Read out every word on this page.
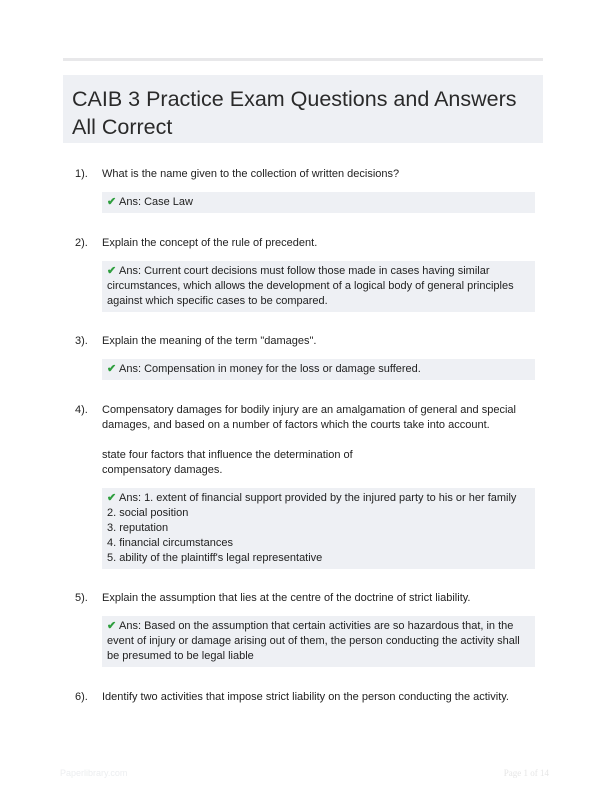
CAIB 3 Practice Exam Questions and Answers All Correct
1). What is the name given to the collection of written decisions?
✔ Ans: Case Law
2). Explain the concept of the rule of precedent.
✔ Ans: Current court decisions must follow those made in cases having similar circumstances, which allows the development of a logical body of general principles against which specific cases to be compared.
3). Explain the meaning of the term "damages".
✔ Ans: Compensation in money for the loss or damage suffered.
4). Compensatory damages for bodily injury are an amalgamation of general and special damages, and based on a number of factors which the courts take into account.

state four factors that influence the determination of
compensatory damages.
✔ Ans: 1. extent of financial support provided by the injured party to his or her family
2. social position
3. reputation
4. financial circumstances
5. ability of the plaintiff's legal representative
5). Explain the assumption that lies at the centre of the doctrine of strict liability.
✔ Ans: Based on the assumption that certain activities are so hazardous that, in the event of injury or damage arising out of them, the person conducting the activity shall be presumed to be legal liable
6). Identify two activities that impose strict liability on the person conducting the activity.
Paperlibrary.com	Page 1 of 14
